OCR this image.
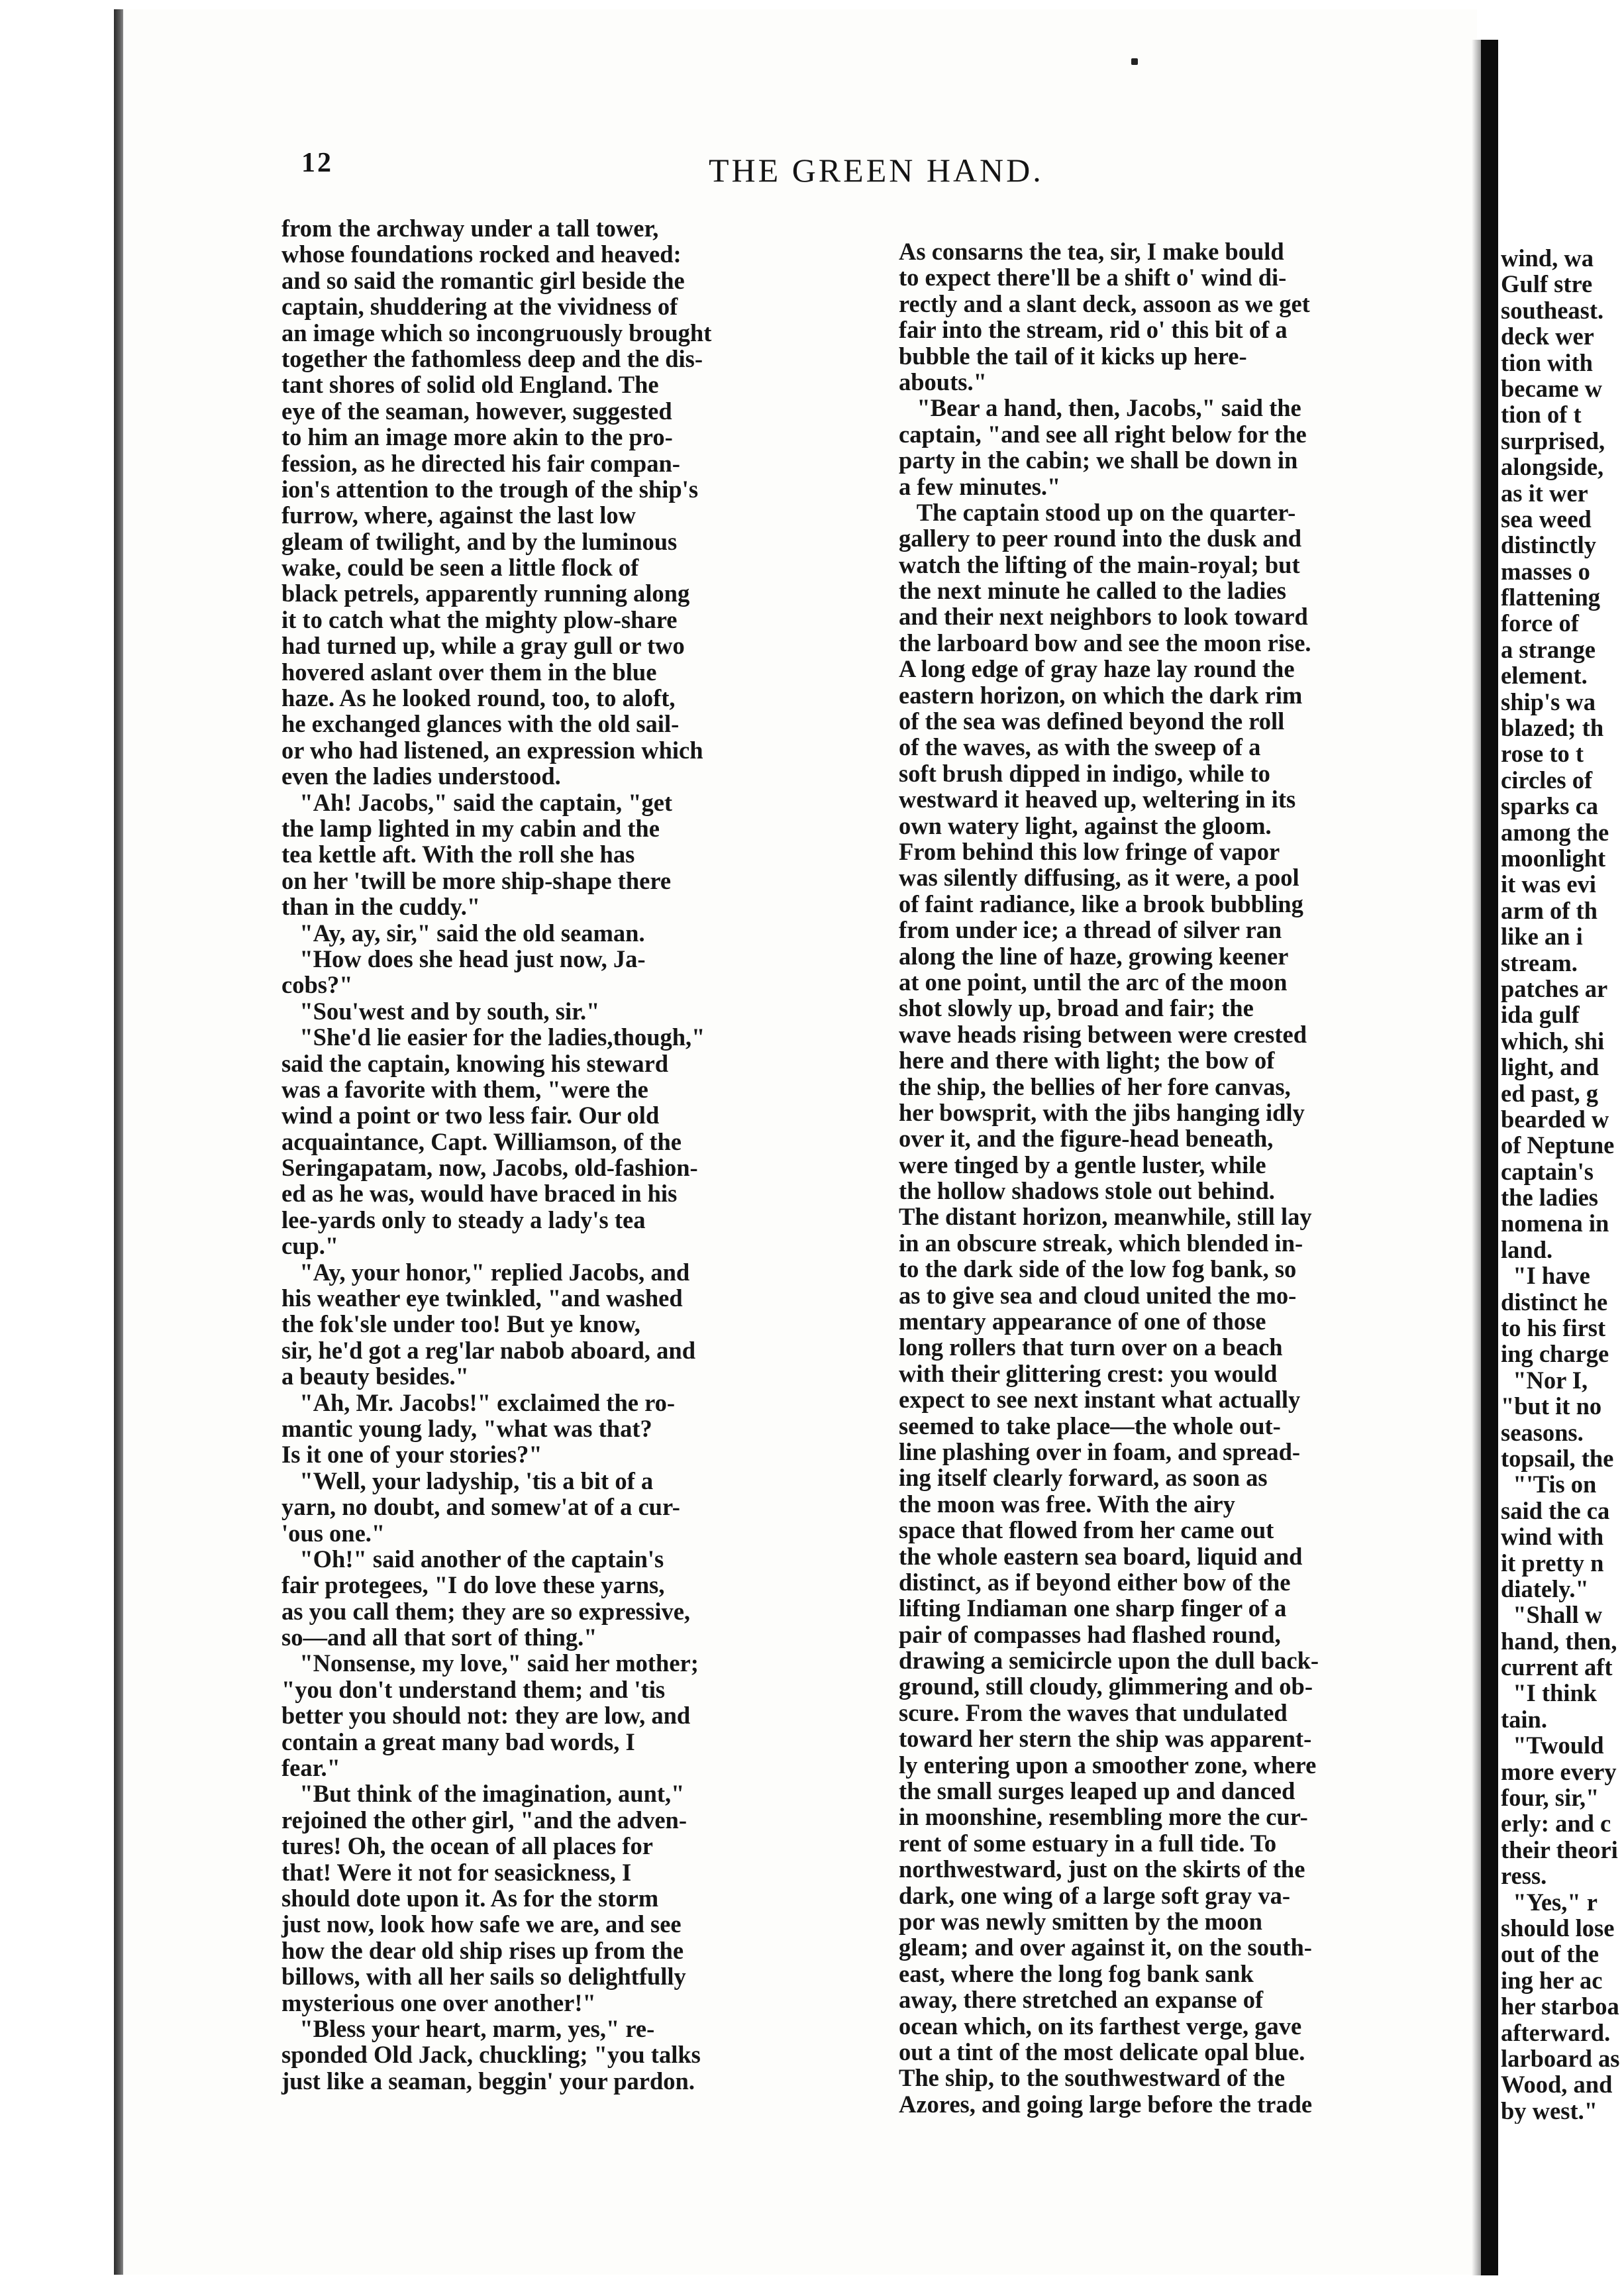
12	THE GREEN HAND.
from the archway under a tall tower,
whose foundations rocked and heaved:
and so said the romantic girl beside the
captain, shuddering at the vividness of
an image which so incongruously brought
together the fathomless deep and the dis-
tant shores of solid old England. The
eye of the seaman, however, suggested
to him an image more akin to the pro-
fession, as he directed his fair compan-
ion's attention to the trough of the ship's
furrow, where, against the last low
gleam of twilight, and by the luminous
wake, could be seen a little flock of
black petrels, apparently running along
it to catch what the mighty plow-share
had turned up, while a gray gull or two
hovered aslant over them in the blue
haze. As he looked round, too, to aloft,
he exchanged glances with the old sail-
or who had listened, an expression which
even the ladies understood.
"Ah! Jacobs," said the captain, "get
the lamp lighted in my cabin and the
tea kettle aft. With the roll she has
on her 'twill be more ship-shape there
than in the cuddy."
"Ay, ay, sir," said the old seaman.
"How does she head just now, Ja-
cobs?"
"Sou'west and by south, sir."
"She'd lie easier for the ladies,though,"
said the captain, knowing his steward
was a favorite with them, "were the
wind a point or two less fair. Our old
acquaintance, Capt. Williamson, of the
Seringapatam, now, Jacobs, old-fashion-
ed as he was, would have braced in his
lee-yards only to steady a lady's tea
cup."
"Ay, your honor," replied Jacobs, and
his weather eye twinkled, "and washed
the fok'sle under too! But ye know,
sir, he'd got a reg'lar nabob aboard, and
a beauty besides."
"Ah, Mr. Jacobs!" exclaimed the ro-
mantic young lady, "what was that?
Is it one of your stories?"
"Well, your ladyship, 'tis a bit of a
yarn, no doubt, and somew'at of a cur-
'ous one."
"Oh!" said another of the captain's
fair protegees, "I do love these yarns,
as you call them; they are so expressive,
so—and all that sort of thing."
"Nonsense, my love," said her mother;
"you don't understand them; and 'tis
better you should not: they are low, and
contain a great many bad words, I
fear."
"But think of the imagination, aunt,"
rejoined the other girl, "and the adven-
tures! Oh, the ocean of all places for
that! Were it not for seasickness, I
should dote upon it. As for the storm
just now, look how safe we are, and see
how the dear old ship rises up from the
billows, with all her sails so delightfully
mysterious one over another!"
"Bless your heart, marm, yes," re-
sponded Old Jack, chuckling; "you talks
just like a seaman, beggin' your pardon.
As consarns the tea, sir, I make bould
to expect there'll be a shift o' wind di-
rectly and a slant deck, assoon as we get
fair into the stream, rid o' this bit of a
bubble the tail of it kicks up here-
abouts."
"Bear a hand, then, Jacobs," said the
captain, "and see all right below for the
party in the cabin; we shall be down in
a few minutes."
The captain stood up on the quarter-
gallery to peer round into the dusk and
watch the lifting of the main-royal; but
the next minute he called to the ladies
and their next neighbors to look toward
the larboard bow and see the moon rise.
A long edge of gray haze lay round the
eastern horizon, on which the dark rim
of the sea was defined beyond the roll
of the waves, as with the sweep of a
soft brush dipped in indigo, while to
westward it heaved up, weltering in its
own watery light, against the gloom.
From behind this low fringe of vapor
was silently diffusing, as it were, a pool
of faint radiance, like a brook bubbling
from under ice; a thread of silver ran
along the line of haze, growing keener
at one point, until the arc of the moon
shot slowly up, broad and fair; the
wave heads rising between were crested
here and there with light; the bow of
the ship, the bellies of her fore canvas,
her bowsprit, with the jibs hanging idly
over it, and the figure-head beneath,
were tinged by a gentle luster, while
the hollow shadows stole out behind.
The distant horizon, meanwhile, still lay
in an obscure streak, which blended in-
to the dark side of the low fog bank, so
as to give sea and cloud united the mo-
mentary appearance of one of those
long rollers that turn over on a beach
with their glittering crest: you would
expect to see next instant what actually
seemed to take place—the whole out-
line plashing over in foam, and spread-
ing itself clearly forward, as soon as
the moon was free. With the airy
space that flowed from her came out
the whole eastern sea board, liquid and
distinct, as if beyond either bow of the
lifting Indiaman one sharp finger of a
pair of compasses had flashed round,
drawing a semicircle upon the dull back-
ground, still cloudy, glimmering and ob-
scure. From the waves that undulated
toward her stern the ship was apparent-
ly entering upon a smoother zone, where
the small surges leaped up and danced
in moonshine, resembling more the cur-
rent of some estuary in a full tide. To
northwestward, just on the skirts of the
dark, one wing of a large soft gray va-
por was newly smitten by the moon
gleam; and over against it, on the south-
east, where the long fog bank sank
away, there stretched an expanse of
ocean which, on its farthest verge, gave
out a tint of the most delicate opal blue.
The ship, to the southwestward of the
Azores, and going large before the trade
wind, wa
Gulf stre
southeast.
deck wer
tion with
became w
tion of t
surprised,
alongside,
as it wer
sea weed
distinctly
masses o
flattening
force of
a strange
element.
ship's wa
blazed; th
rose to t
circles of
sparks ca
among the
moonlight
it was evi
arm of th
like an i
stream.
patches ar
ida gulf
which, shi
light, and
ed past, g
bearded w
of Neptune
captain's
the ladies
nomena in
land.
"I have
distinct he
to his first
ing charge
"Nor I,
"but it no
seasons.
topsail, the
"'Tis on
said the ca
wind with
it pretty n
diately."
"Shall w
hand, then,
current aft
"I think
tain.
"Twould
more every
four, sir,"
erly: and c
their theori
ress.
"Yes," r
should lose
out of the
ing her ac
her starboa
afterward.
larboard as
Wood, and
by west."
